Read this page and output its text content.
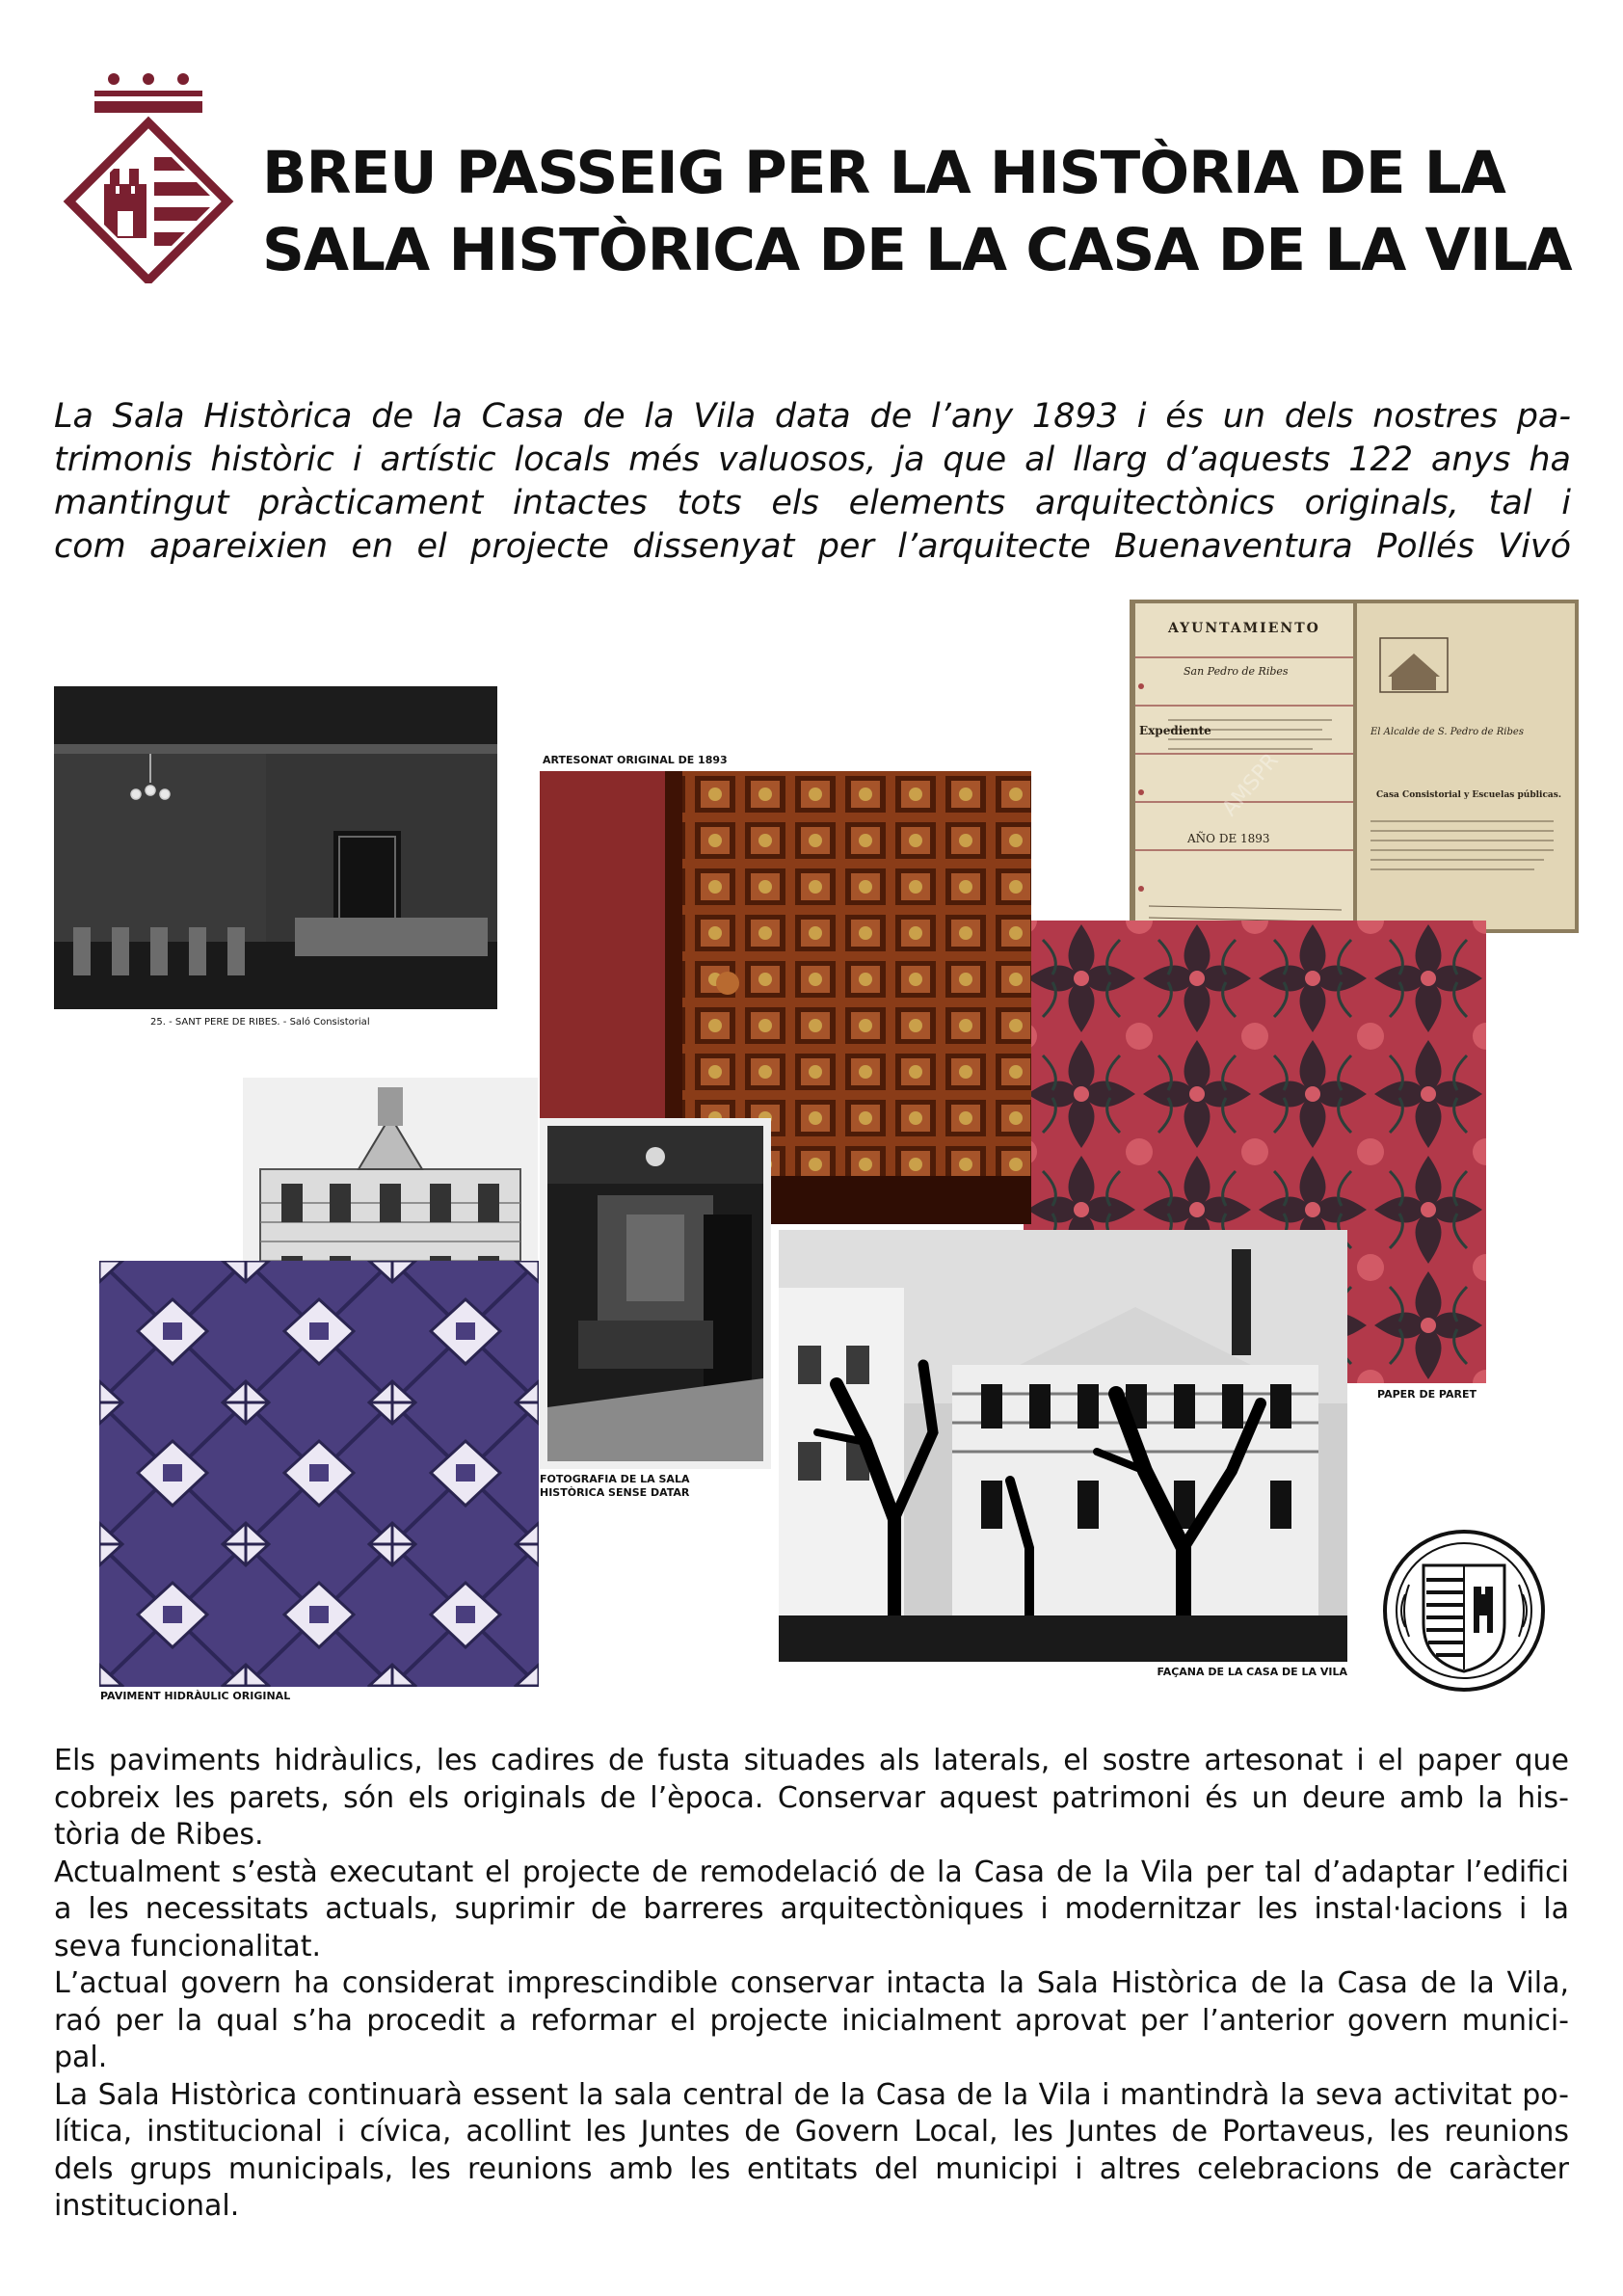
BREU PASSEIG PER LA HISTÒRIA DE LA
SALA HISTÒRICA DE LA CASA DE LA VILA

La Sala Històrica de la Casa de la Vila data de l’any 1893 i és un dels nostres pa-
trimonis històric i artístic locals més valuosos, ja que al llarg d’aquests 122 anys ha
mantingut pràcticament intactes tots els elements arquitectònics originals, tal i
com apareixien en el projecte dissenyat per l’arquitecte Buenaventura Pollés Vivó

AYUNTAMIENTO
San Pedro de Ribes
Expediente
AÑO DE 1893
El Alcalde de S. Pedro de Ribes
Casa Consistorial y Escuelas públicas.
AMSPR
25. - SANT PERE DE RIBES. - Saló Consistorial

ARTESONAT ORIGINAL DE 1893

FOTOGRAFIA DE LA SALA
HISTÒRICA SENSE DATAR

PAVIMENT HIDRÀULIC ORIGINAL

PAPER DE PARET

FAÇANA DE LA CASA DE LA VILA

Els paviments hidràulics, les cadires de fusta situades als laterals, el sostre artesonat i el paper que
cobreix les parets, són els originals de l’època. Conservar aquest patrimoni és un deure amb la his-
tòria de Ribes.

Actualment s’està executant el projecte de remodelació de la Casa de la Vila per tal d’adaptar l’edifici
a les necessitats actuals, suprimir de barreres arquitectòniques i modernitzar les instal·lacions i la
seva funcionalitat.

L’actual govern ha considerat imprescindible conservar intacta la Sala Històrica de la Casa de la Vila,
raó per la qual s’ha procedit a reformar el projecte inicialment aprovat per l’anterior govern munici-
pal.

La Sala Històrica continuarà essent la sala central de la Casa de la Vila i mantindrà la seva activitat po-
lítica, institucional i cívica, acollint les Juntes de Govern Local, les Juntes de Portaveus, les reunions
dels grups municipals, les reunions amb les entitats del municipi i altres celebracions de caràcter
institucional.
